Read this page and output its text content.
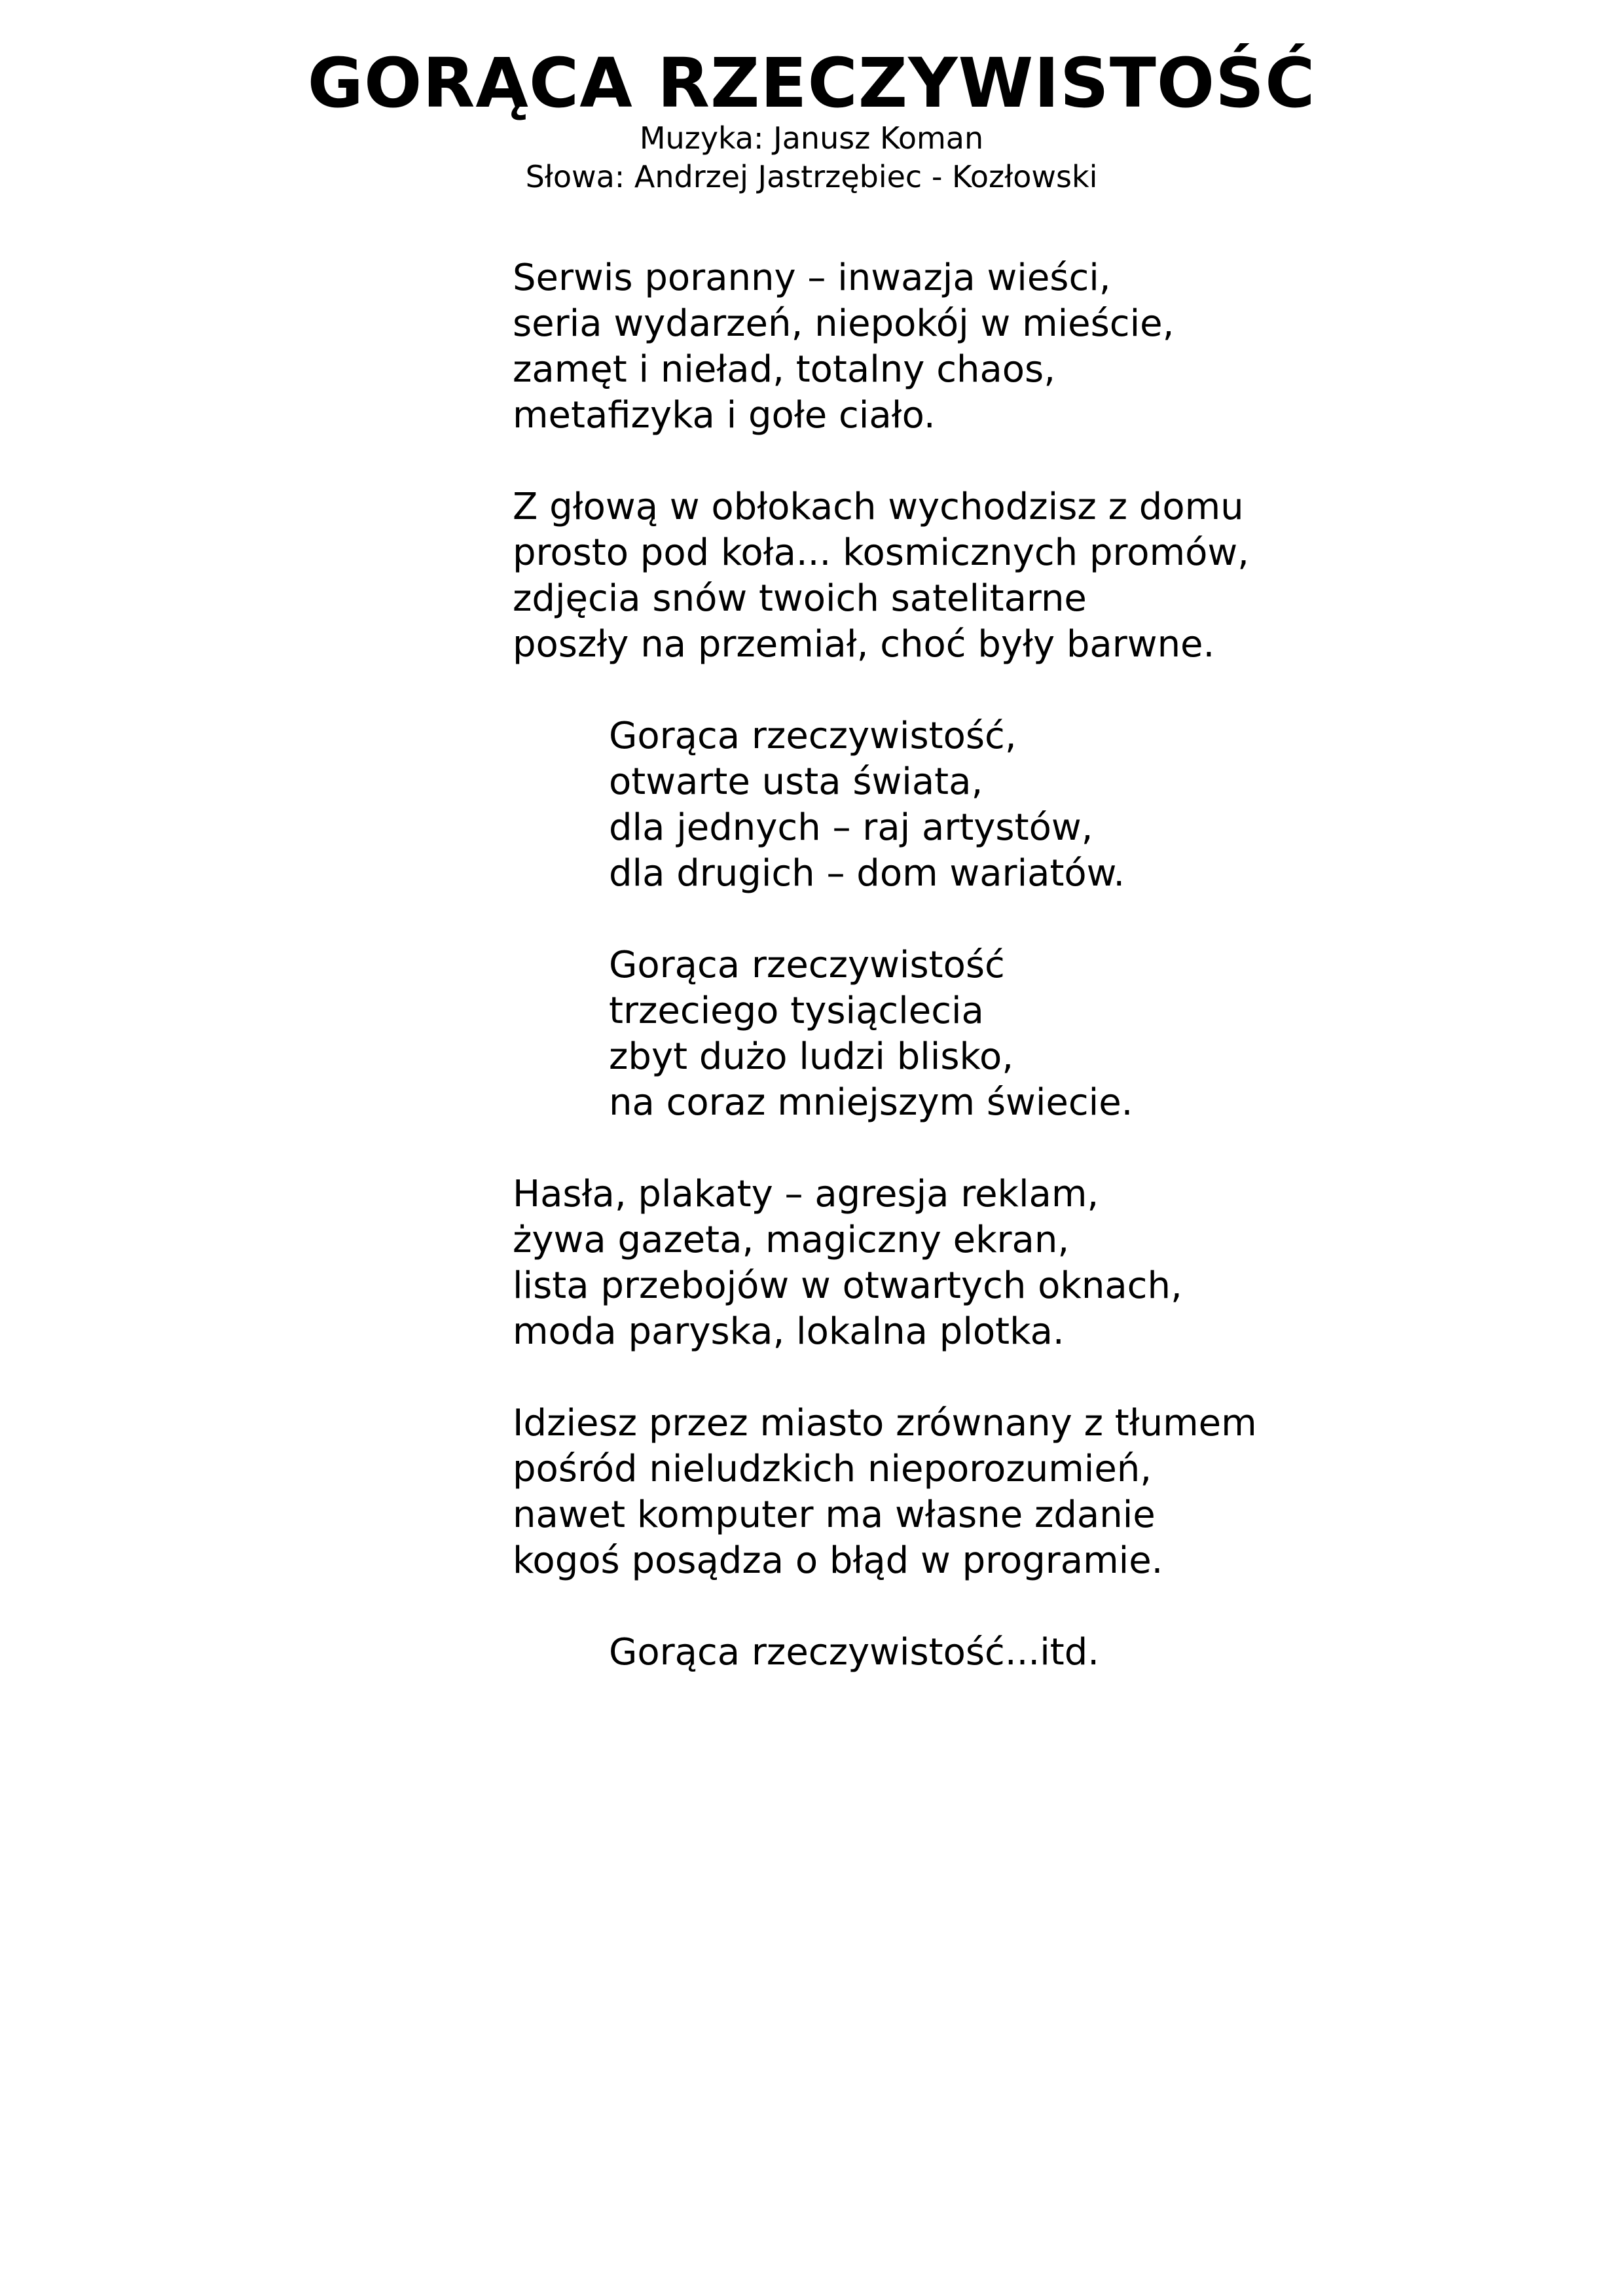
GORĄCA RZECZYWISTOŚĆ

Muzyka: Janusz Koman

Słowa: Andrzej Jastrzębiec - Kozłowski

Serwis poranny – inwazja wieści,
seria wydarzeń, niepokój w mieście,
zamęt i nieład, totalny chaos,
metafizyka i gołe ciało.
Z głową w obłokach wychodzisz z domu
prosto pod koła... kosmicznych promów,
zdjęcia snów twoich satelitarne
poszły na przemiał, choć były barwne.
Gorąca rzeczywistość,
otwarte usta świata,
dla jednych – raj artystów,
dla drugich – dom wariatów.
Gorąca rzeczywistość
trzeciego tysiąclecia
zbyt dużo ludzi blisko,
na coraz mniejszym świecie.
Hasła, plakaty – agresja reklam,
żywa gazeta, magiczny ekran,
lista przebojów w otwartych oknach,
moda paryska, lokalna plotka.
Idziesz przez miasto zrównany z tłumem
pośród nieludzkich nieporozumień,
nawet komputer ma własne zdanie
kogoś posądza o błąd w programie.
Gorąca rzeczywistość...itd.
